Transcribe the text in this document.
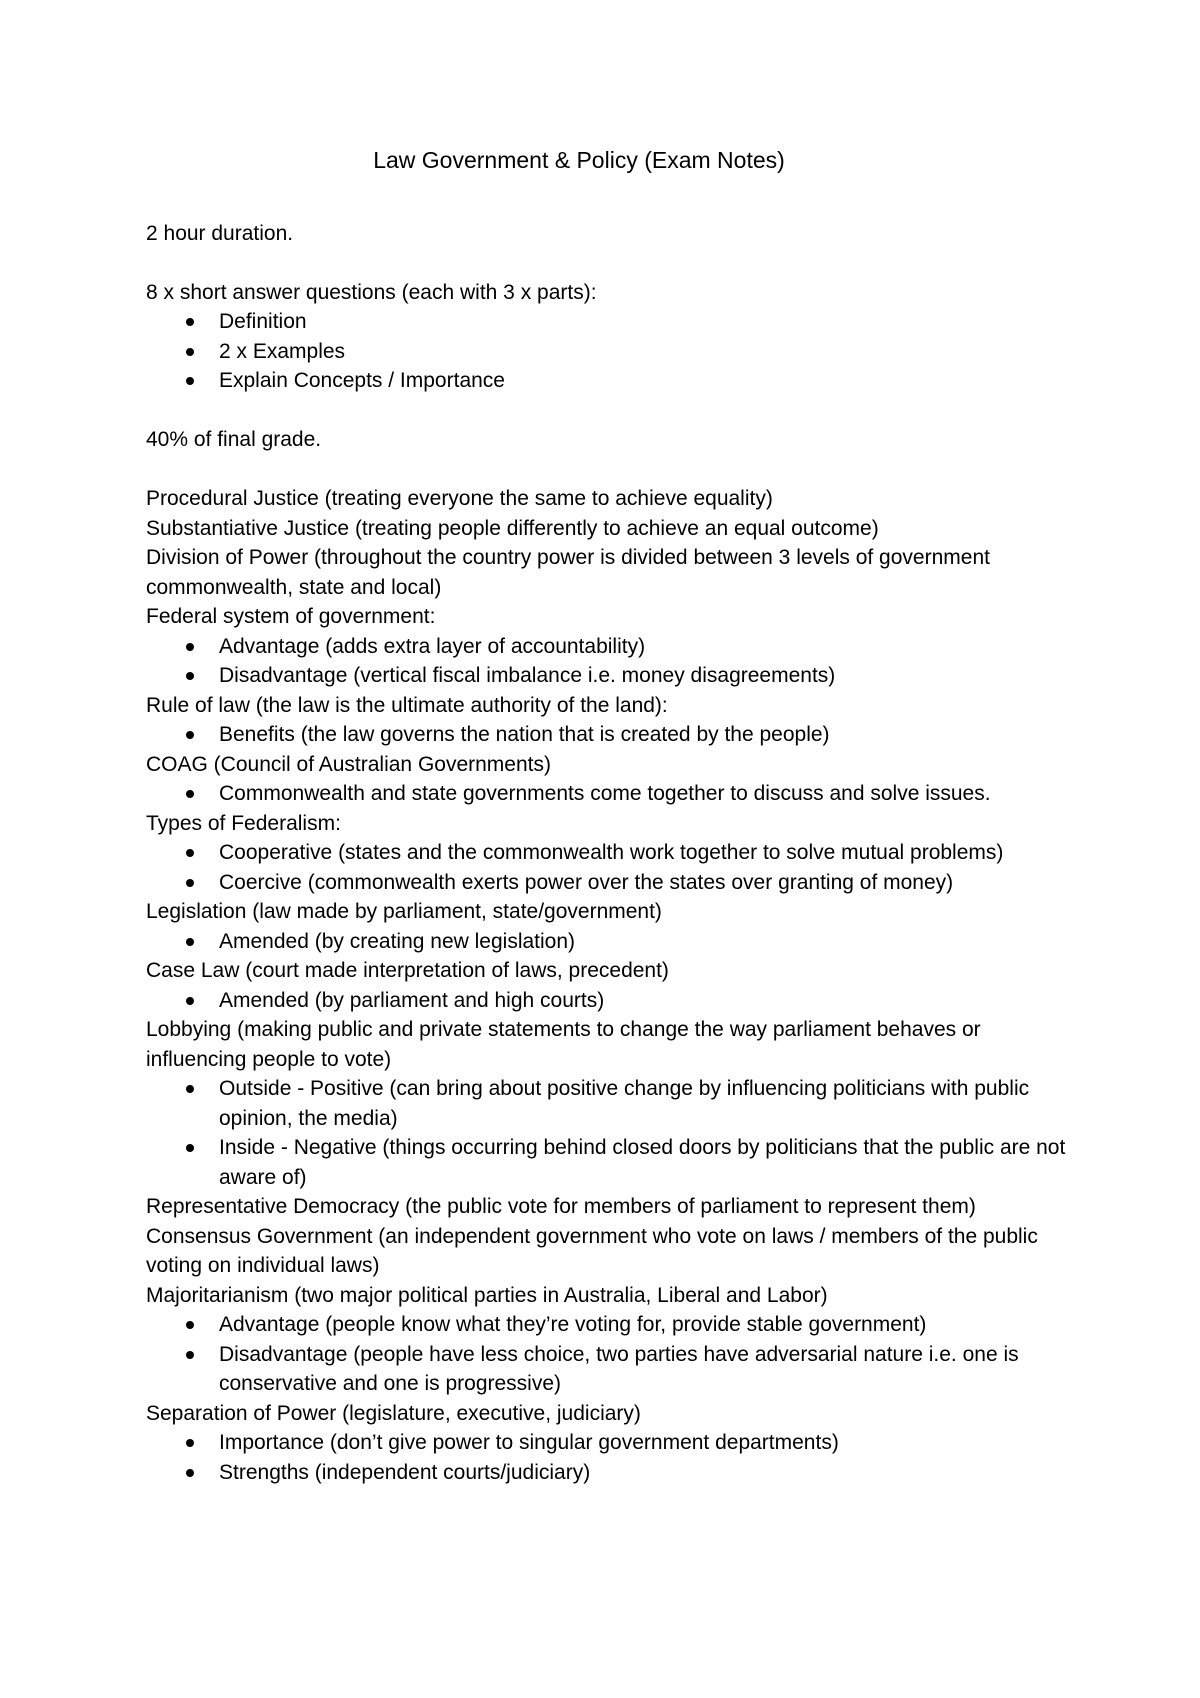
Law Government & Policy (Exam Notes)

2 hour duration.

8 x short answer questions (each with 3 x parts):

Definition
2 x Examples
Explain Concepts / Importance

40% of final grade.

Procedural Justice (treating everyone the same to achieve equality)

Substantiative Justice (treating people differently to achieve an equal outcome)

Division of Power (throughout the country power is divided between 3 levels of government commonwealth, state and local)

Federal system of government:

Advantage (adds extra layer of accountability)
Disadvantage (vertical fiscal imbalance i.e. money disagreements)

Rule of law (the law is the ultimate authority of the land):

Benefits (the law governs the nation that is created by the people)

COAG (Council of Australian Governments)

Commonwealth and state governments come together to discuss and solve issues.

Types of Federalism:

Cooperative (states and the commonwealth work together to solve mutual problems)
Coercive (commonwealth exerts power over the states over granting of money)

Legislation (law made by parliament, state/government)

Amended (by creating new legislation)

Case Law (court made interpretation of laws, precedent)

Amended (by parliament and high courts)

Lobbying (making public and private statements to change the way parliament behaves or influencing people to vote)

Outside - Positive (can bring about positive change by influencing politicians with public opinion, the media)
Inside - Negative (things occurring behind closed doors by politicians that the public are not aware of)

Representative Democracy (the public vote for members of parliament to represent them)

Consensus Government (an independent government who vote on laws / members of the public voting on individual laws)

Majoritarianism (two major political parties in Australia, Liberal and Labor)

Advantage (people know what they’re voting for, provide stable government)
Disadvantage (people have less choice, two parties have adversarial nature i.e. one is conservative and one is progressive)

Separation of Power (legislature, executive, judiciary)

Importance (don’t give power to singular government departments)
Strengths (independent courts/judiciary)
